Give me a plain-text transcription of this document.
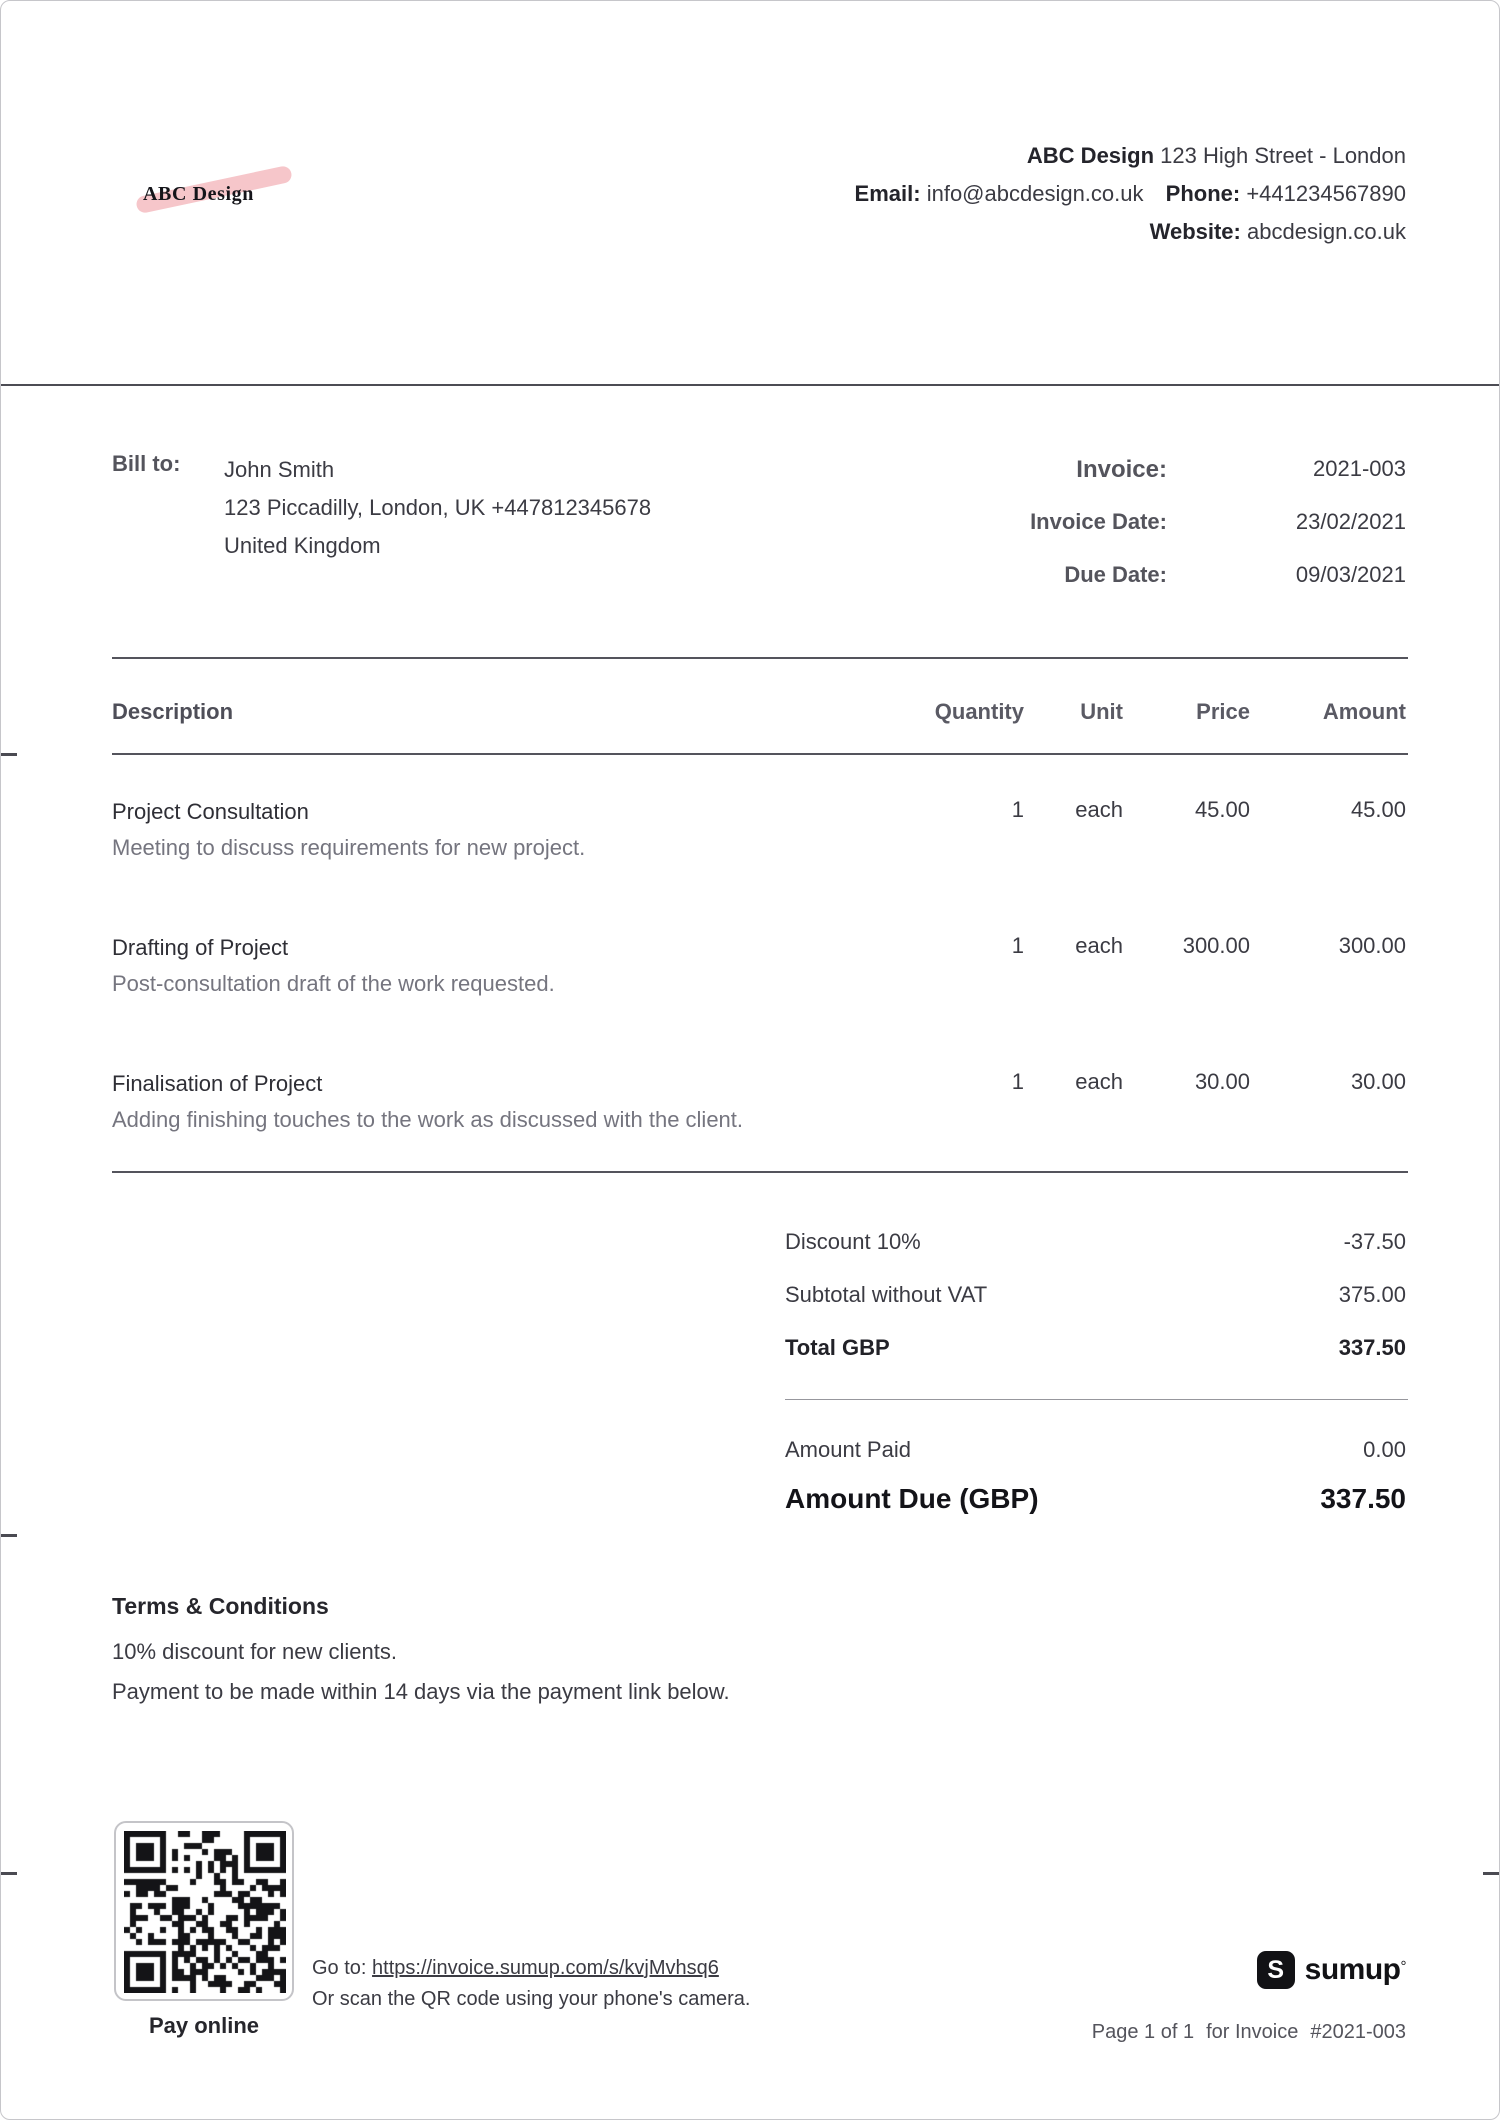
ABC Design
ABC Design 123 High Street - London
Email: info@abcdesign.co.uk Phone: +441234567890
Website: abcdesign.co.uk
Bill to: John Smith
123 Piccadilly, London, UK +447812345678
United Kingdom
Invoice:	2021-003
Invoice Date:	23/02/2021
Due Date:	09/03/2021
Description	Quantity	Unit	Price	Amount
Project Consultation
Meeting to discuss requirements for new project.
1	each	45.00	45.00
Drafting of Project
Post-consultation draft of the work requested.
1	each	300.00	300.00
Finalisation of Project
Adding finishing touches to the work as discussed with the client.
1	each	30.00	30.00
Discount 10%	-37.50
Subtotal without VAT	375.00
Total GBP	337.50
Amount Paid	0.00
Amount Due (GBP)	337.50
Terms & Conditions
10% discount for new clients.
Payment to be made within 14 days via the payment link below.
Pay online
Go to: https://invoice.sumup.com/s/kvjMvhsq6
Or scan the QR code using your phone's camera.
S sumup°
Page 1 of 1 for Invoice #2021-003
